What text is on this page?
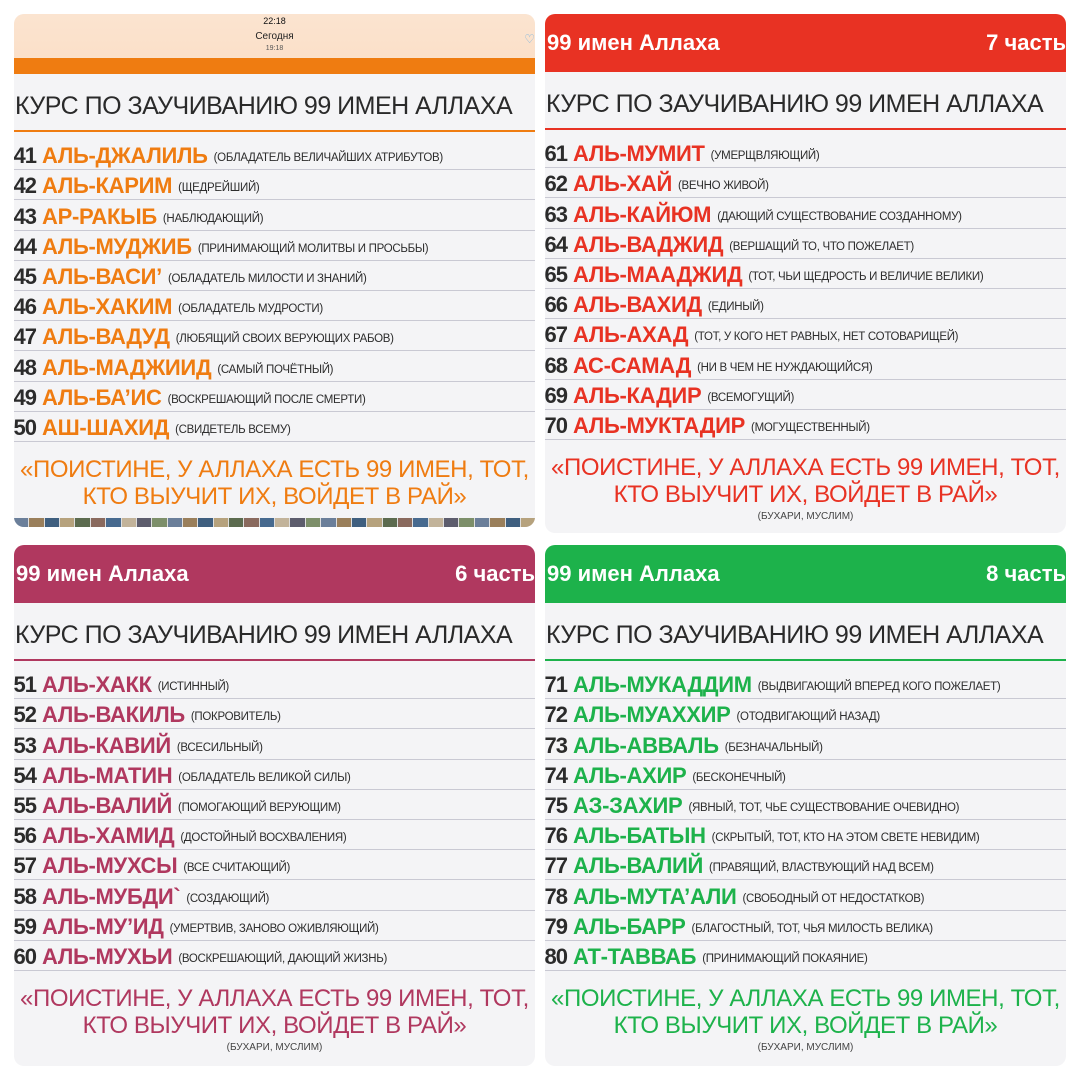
22:18
Сегодня
19:18
♡
КУРС ПО ЗАУЧИВАНИЮ 99 ИМЕН АЛЛАХА
41 АЛЬ-ДЖАЛИЛЬ (ОБЛАДАТЕЛЬ ВЕЛИЧАЙШИХ АТРИБУТОВ)
42 АЛЬ-КАРИМ (ЩЕДРЕЙШИЙ)
43 АР-РАКЫБ (НАБЛЮДАЮЩИЙ)
44 АЛЬ-МУДЖИБ (ПРИНИМАЮЩИЙ МОЛИТВЫ И ПРОСЬБЫ)
45 АЛЬ-ВАСИ’ (ОБЛАДАТЕЛЬ МИЛОСТИ И ЗНАНИЙ)
46 АЛЬ-ХАКИМ (ОБЛАДАТЕЛЬ МУДРОСТИ)
47 АЛЬ-ВАДУД (ЛЮБЯЩИЙ СВОИХ ВЕРУЮЩИХ РАБОВ)
48 АЛЬ-МАДЖИИД (САМЫЙ ПОЧЁТНЫЙ)
49 АЛЬ-БА’ИС (ВОСКРЕШАЮЩИЙ ПОСЛЕ СМЕРТИ)
50 АШ-ШАХИД (СВИДЕТЕЛЬ ВСЕМУ)
«ПОИСТИНЕ, У АЛЛАХА ЕСТЬ 99 ИМЕН, ТОТ,
КТО ВЫУЧИТ ИХ, ВОЙДЕТ В РАЙ»
99 имен Аллаха	7 часть
КУРС ПО ЗАУЧИВАНИЮ 99 ИМЕН АЛЛАХА
61 АЛЬ-МУМИТ (УМЕРЩВЛЯЮЩИЙ)
62 АЛЬ-ХАЙ (ВЕЧНО ЖИВОЙ)
63 АЛЬ-КАЙЮМ (ДАЮЩИЙ СУЩЕСТВОВАНИЕ СОЗДАННОМУ)
64 АЛЬ-ВАДЖИД (ВЕРШАЩИЙ ТО, ЧТО ПОЖЕЛАЕТ)
65 АЛЬ-МААДЖИД (ТОТ, ЧЬИ ЩЕДРОСТЬ И ВЕЛИЧИЕ ВЕЛИКИ)
66 АЛЬ-ВАХИД (ЕДИНЫЙ)
67 АЛЬ-АХАД (ТОТ, У КОГО НЕТ РАВНЫХ, НЕТ СОТОВАРИЩЕЙ)
68 АС-САМАД (НИ В ЧЕМ НЕ НУЖДАЮЩИЙСЯ)
69 АЛЬ-КАДИР (ВСЕМОГУЩИЙ)
70 АЛЬ-МУКТАДИР (МОГУЩЕСТВЕННЫЙ)
«ПОИСТИНЕ, У АЛЛАХА ЕСТЬ 99 ИМЕН, ТОТ,
КТО ВЫУЧИТ ИХ, ВОЙДЕТ В РАЙ»
(БУХАРИ, МУСЛИМ)
99 имен Аллаха	6 часть
КУРС ПО ЗАУЧИВАНИЮ 99 ИМЕН АЛЛАХА
51 АЛЬ-ХАКК (ИСТИННЫЙ)
52 АЛЬ-ВАКИЛЬ (ПОКРОВИТЕЛЬ)
53 АЛЬ-КАВИЙ (ВСЕСИЛЬНЫЙ)
54 АЛЬ-МАТИН (ОБЛАДАТЕЛЬ ВЕЛИКОЙ СИЛЫ)
55 АЛЬ-ВАЛИЙ (ПОМОГАЮЩИЙ ВЕРУЮЩИМ)
56 АЛЬ-ХАМИД (ДОСТОЙНЫЙ ВОСХВАЛЕНИЯ)
57 АЛЬ-МУХСЫ (ВСЕ СЧИТАЮЩИЙ)
58 АЛЬ-МУБДИ` (СОЗДАЮЩИЙ)
59 АЛЬ-МУ’ИД (УМЕРТВИВ, ЗАНОВО ОЖИВЛЯЮЩИЙ)
60 АЛЬ-МУХЬИ (ВОСКРЕШАЮЩИЙ, ДАЮЩИЙ ЖИЗНЬ)
«ПОИСТИНЕ, У АЛЛАХА ЕСТЬ 99 ИМЕН, ТОТ,
КТО ВЫУЧИТ ИХ, ВОЙДЕТ В РАЙ»
(БУХАРИ, МУСЛИМ)
99 имен Аллаха	8 часть
КУРС ПО ЗАУЧИВАНИЮ 99 ИМЕН АЛЛАХА
71 АЛЬ-МУКАДДИМ (ВЫДВИГАЮЩИЙ ВПЕРЕД КОГО ПОЖЕЛАЕТ)
72 АЛЬ-МУАХХИР (ОТОДВИГАЮЩИЙ НАЗАД)
73 АЛЬ-АВВАЛЬ (БЕЗНАЧАЛЬНЫЙ)
74 АЛЬ-АХИР (БЕСКОНЕЧНЫЙ)
75 АЗ-ЗАХИР (ЯВНЫЙ, ТОТ, ЧЬЕ СУЩЕСТВОВАНИЕ ОЧЕВИДНО)
76 АЛЬ-БАТЫН (СКРЫТЫЙ, ТОТ, КТО НА ЭТОМ СВЕТЕ НЕВИДИМ)
77 АЛЬ-ВАЛИЙ (ПРАВЯЩИЙ, ВЛАСТВУЮЩИЙ НАД ВСЕМ)
78 АЛЬ-МУТА’АЛИ (СВОБОДНЫЙ ОТ НЕДОСТАТКОВ)
79 АЛЬ-БАРР (БЛАГОСТНЫЙ, ТОТ, ЧЬЯ МИЛОСТЬ ВЕЛИКА)
80 АТ-ТАВВАБ (ПРИНИМАЮЩИЙ ПОКАЯНИЕ)
«ПОИСТИНЕ, У АЛЛАХА ЕСТЬ 99 ИМЕН, ТОТ,
КТО ВЫУЧИТ ИХ, ВОЙДЕТ В РАЙ»
(БУХАРИ, МУСЛИМ)
